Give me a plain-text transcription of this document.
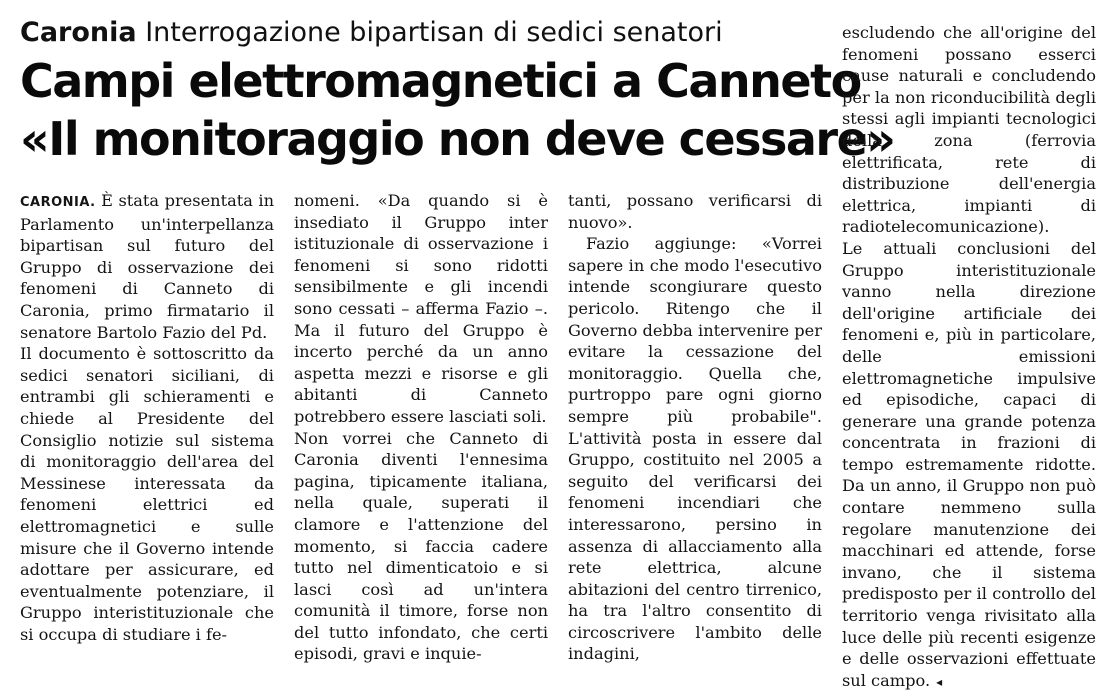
Caronia Interrogazione bipartisan di sedici senatori
Campi elettromagnetici a Canneto
«Il monitoraggio non deve cessare»

CARONIA. È stata presentata in Parlamento un'interpellanza bipartisan sul futuro del Gruppo di osservazione dei fenomeni di Canneto di Caronia, primo firmatario il senatore Bartolo Fazio del Pd.

Il documento è sottoscritto da sedici senatori siciliani, di entrambi gli schieramenti e chiede al Presidente del Consiglio notizie sul sistema di monitoraggio dell'area del Messinese interessata da fenomeni elettrici ed elettromagnetici e sulle misure che il Governo intende adottare per assicurare, ed eventualmente potenziare, il Gruppo interistituzionale che si occupa di studiare i fe-

nomeni. «Da quando si è insediato il Gruppo inter istituzionale di osservazione i fenomeni si sono ridotti sensibilmente e gli incendi sono cessati – afferma Fazio –. Ma il futuro del Gruppo è incerto perché da un anno aspetta mezzi e risorse e gli abitanti di Canneto potrebbero essere lasciati soli.

Non vorrei che Canneto di Caronia diventi l'ennesima pagina, tipicamente italiana, nella quale, superati il clamore e l'attenzione del momento, si faccia cadere tutto nel dimenticatoio e si lasci così ad un'intera comunità il timore, forse non del tutto infondato, che certi episodi, gravi e inquie-

tanti, possano verificarsi di nuovo».

Fazio aggiunge: «Vorrei sapere in che modo l'esecutivo intende scongiurare questo pericolo. Ritengo che il Governo debba intervenire per evitare la cessazione del monitoraggio. Quella che, purtroppo pare ogni giorno sempre più probabile". L'attività posta in essere dal Gruppo, costituito nel 2005 a seguito del verificarsi dei fenomeni incendiari che interessarono, persino in assenza di allacciamento alla rete elettrica, alcune abitazioni del centro tirrenico, ha tra l'altro consentito di circoscrivere l'ambito delle indagini,

escludendo che all'origine del fenomeni possano esserci cause naturali e concludendo per la non riconducibilità degli stessi agli impianti tecnologici della zona (ferrovia elettrificata, rete di distribuzione dell'energia elettrica, impianti di radiotelecomunicazione).

Le attuali conclusioni del Gruppo interistituzionale vanno nella direzione dell'origine artificiale dei fenomeni e, più in particolare, delle emissioni elettromagnetiche impulsive ed episodiche, capaci di generare una grande potenza concentrata in frazioni di tempo estremamente ridotte. Da un anno, il Gruppo non può contare nemmeno sulla regolare manutenzione dei macchinari ed attende, forse invano, che il sistema predisposto per il controllo del territorio venga rivisitato alla luce delle più recenti esigenze e delle osservazioni effettuate sul campo. ◂
